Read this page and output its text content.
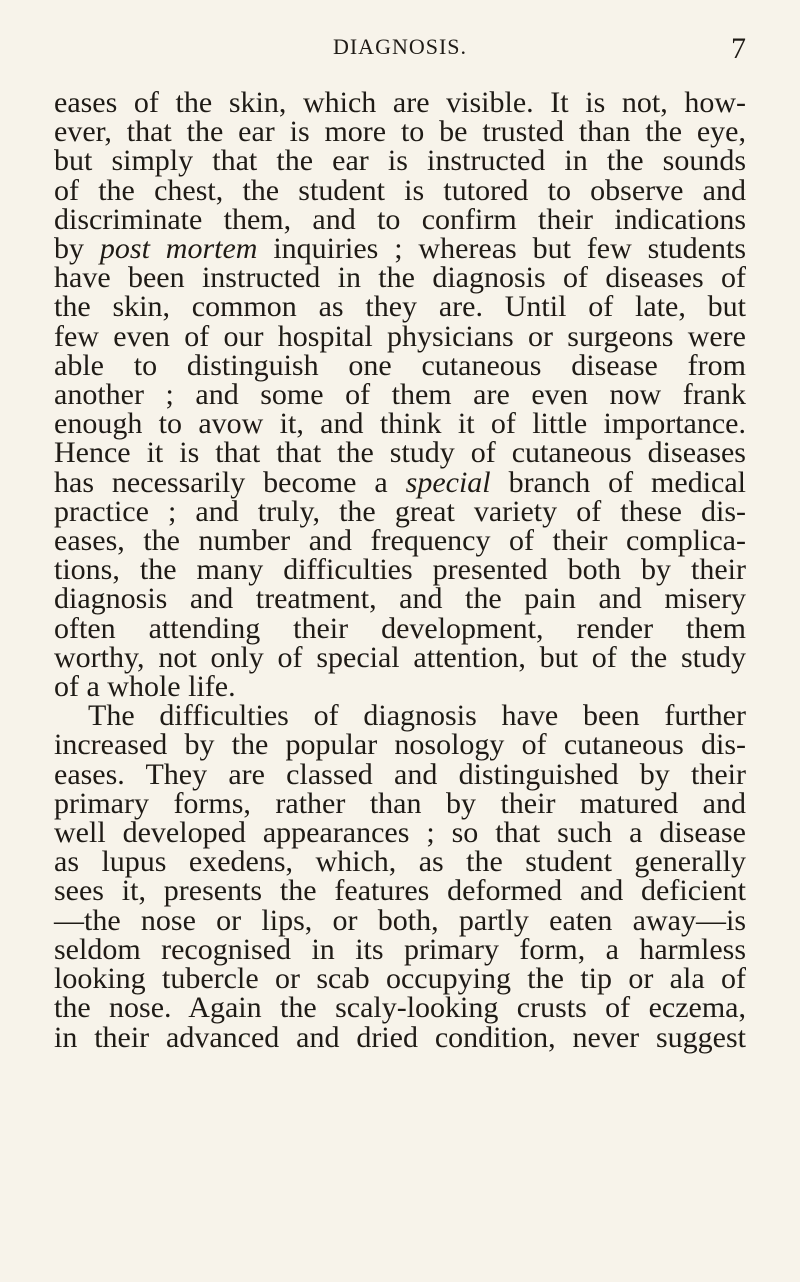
DIAGNOSIS.	7
eases of the skin, which are visible. It is not, how-
ever, that the ear is more to be trusted than the eye,
but simply that the ear is instructed in the sounds
of the chest, the student is tutored to observe and
discriminate them, and to confirm their indications
by post mortem inquiries ; whereas but few students
have been instructed in the diagnosis of diseases of
the skin, common as they are. Until of late, but
few even of our hospital physicians or surgeons were
able to distinguish one cutaneous disease from
another ; and some of them are even now frank
enough to avow it, and think it of little importance.
Hence it is that that the study of cutaneous diseases
has necessarily become a special branch of medical
practice ; and truly, the great variety of these dis-
eases, the number and frequency of their complica-
tions, the many difficulties presented both by their
diagnosis and treatment, and the pain and misery
often attending their development, render them
worthy, not only of special attention, but of the study
of a whole life.
The difficulties of diagnosis have been further
increased by the popular nosology of cutaneous dis-
eases. They are classed and distinguished by their
primary forms, rather than by their matured and
well developed appearances ; so that such a disease
as lupus exedens, which, as the student generally
sees it, presents the features deformed and deficient
—the nose or lips, or both, partly eaten away—is
seldom recognised in its primary form, a harmless
looking tubercle or scab occupying the tip or ala of
the nose. Again the scaly-looking crusts of eczema,
in their advanced and dried condition, never suggest
